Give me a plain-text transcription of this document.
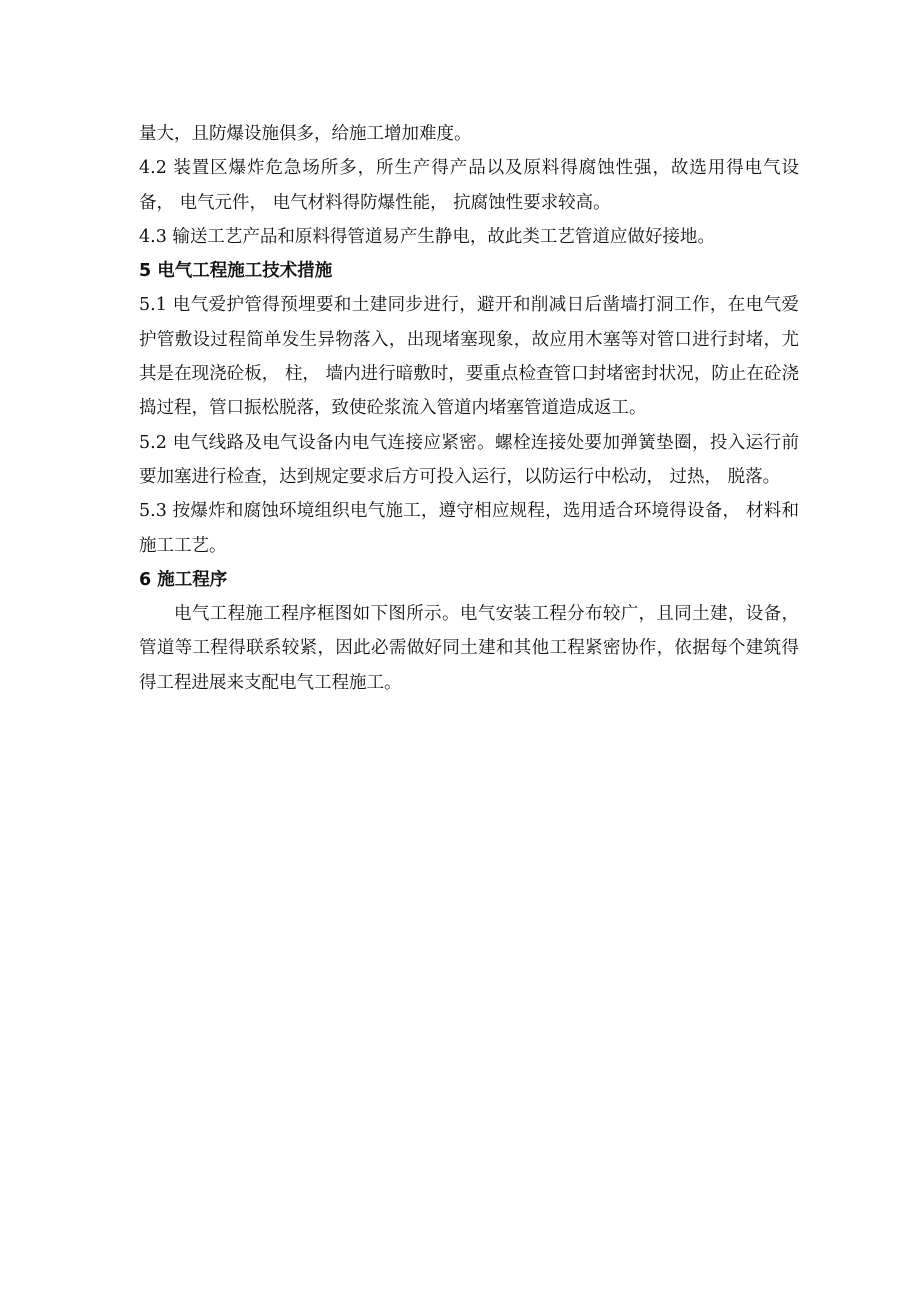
量大，且防爆设施俱多，给施工增加难度。

4.2 装置区爆炸危急场所多，所生产得产品以及原料得腐蚀性强，故选用得电气设备， 电气元件， 电气材料得防爆性能， 抗腐蚀性要求较高。

4.3 输送工艺产品和原料得管道易产生静电，故此类工艺管道应做好接地。

5 电气工程施工技术措施

5.1 电气爱护管得预埋要和土建同步进行，避开和削减日后凿墙打洞工作，在电气爱护管敷设过程简单发生异物落入，出现堵塞现象，故应用木塞等对管口进行封堵，尤其是在现浇砼板， 柱， 墙内进行暗敷时，要重点检查管口封堵密封状况，防止在砼浇捣过程，管口振松脱落，致使砼浆流入管道内堵塞管道造成返工。

5.2 电气线路及电气设备内电气连接应紧密。螺栓连接处要加弹簧垫圈，投入运行前要加塞进行检查，达到规定要求后方可投入运行，以防运行中松动， 过热， 脱落。

5.3 按爆炸和腐蚀环境组织电气施工，遵守相应规程，选用适合环境得设备， 材料和施工工艺。

6 施工程序

电气工程施工程序框图如下图所示。电气安装工程分布较广，且同土建，设备， 管道等工程得联系较紧，因此必需做好同土建和其他工程紧密协作，依据每个建筑得得工程进展来支配电气工程施工。
